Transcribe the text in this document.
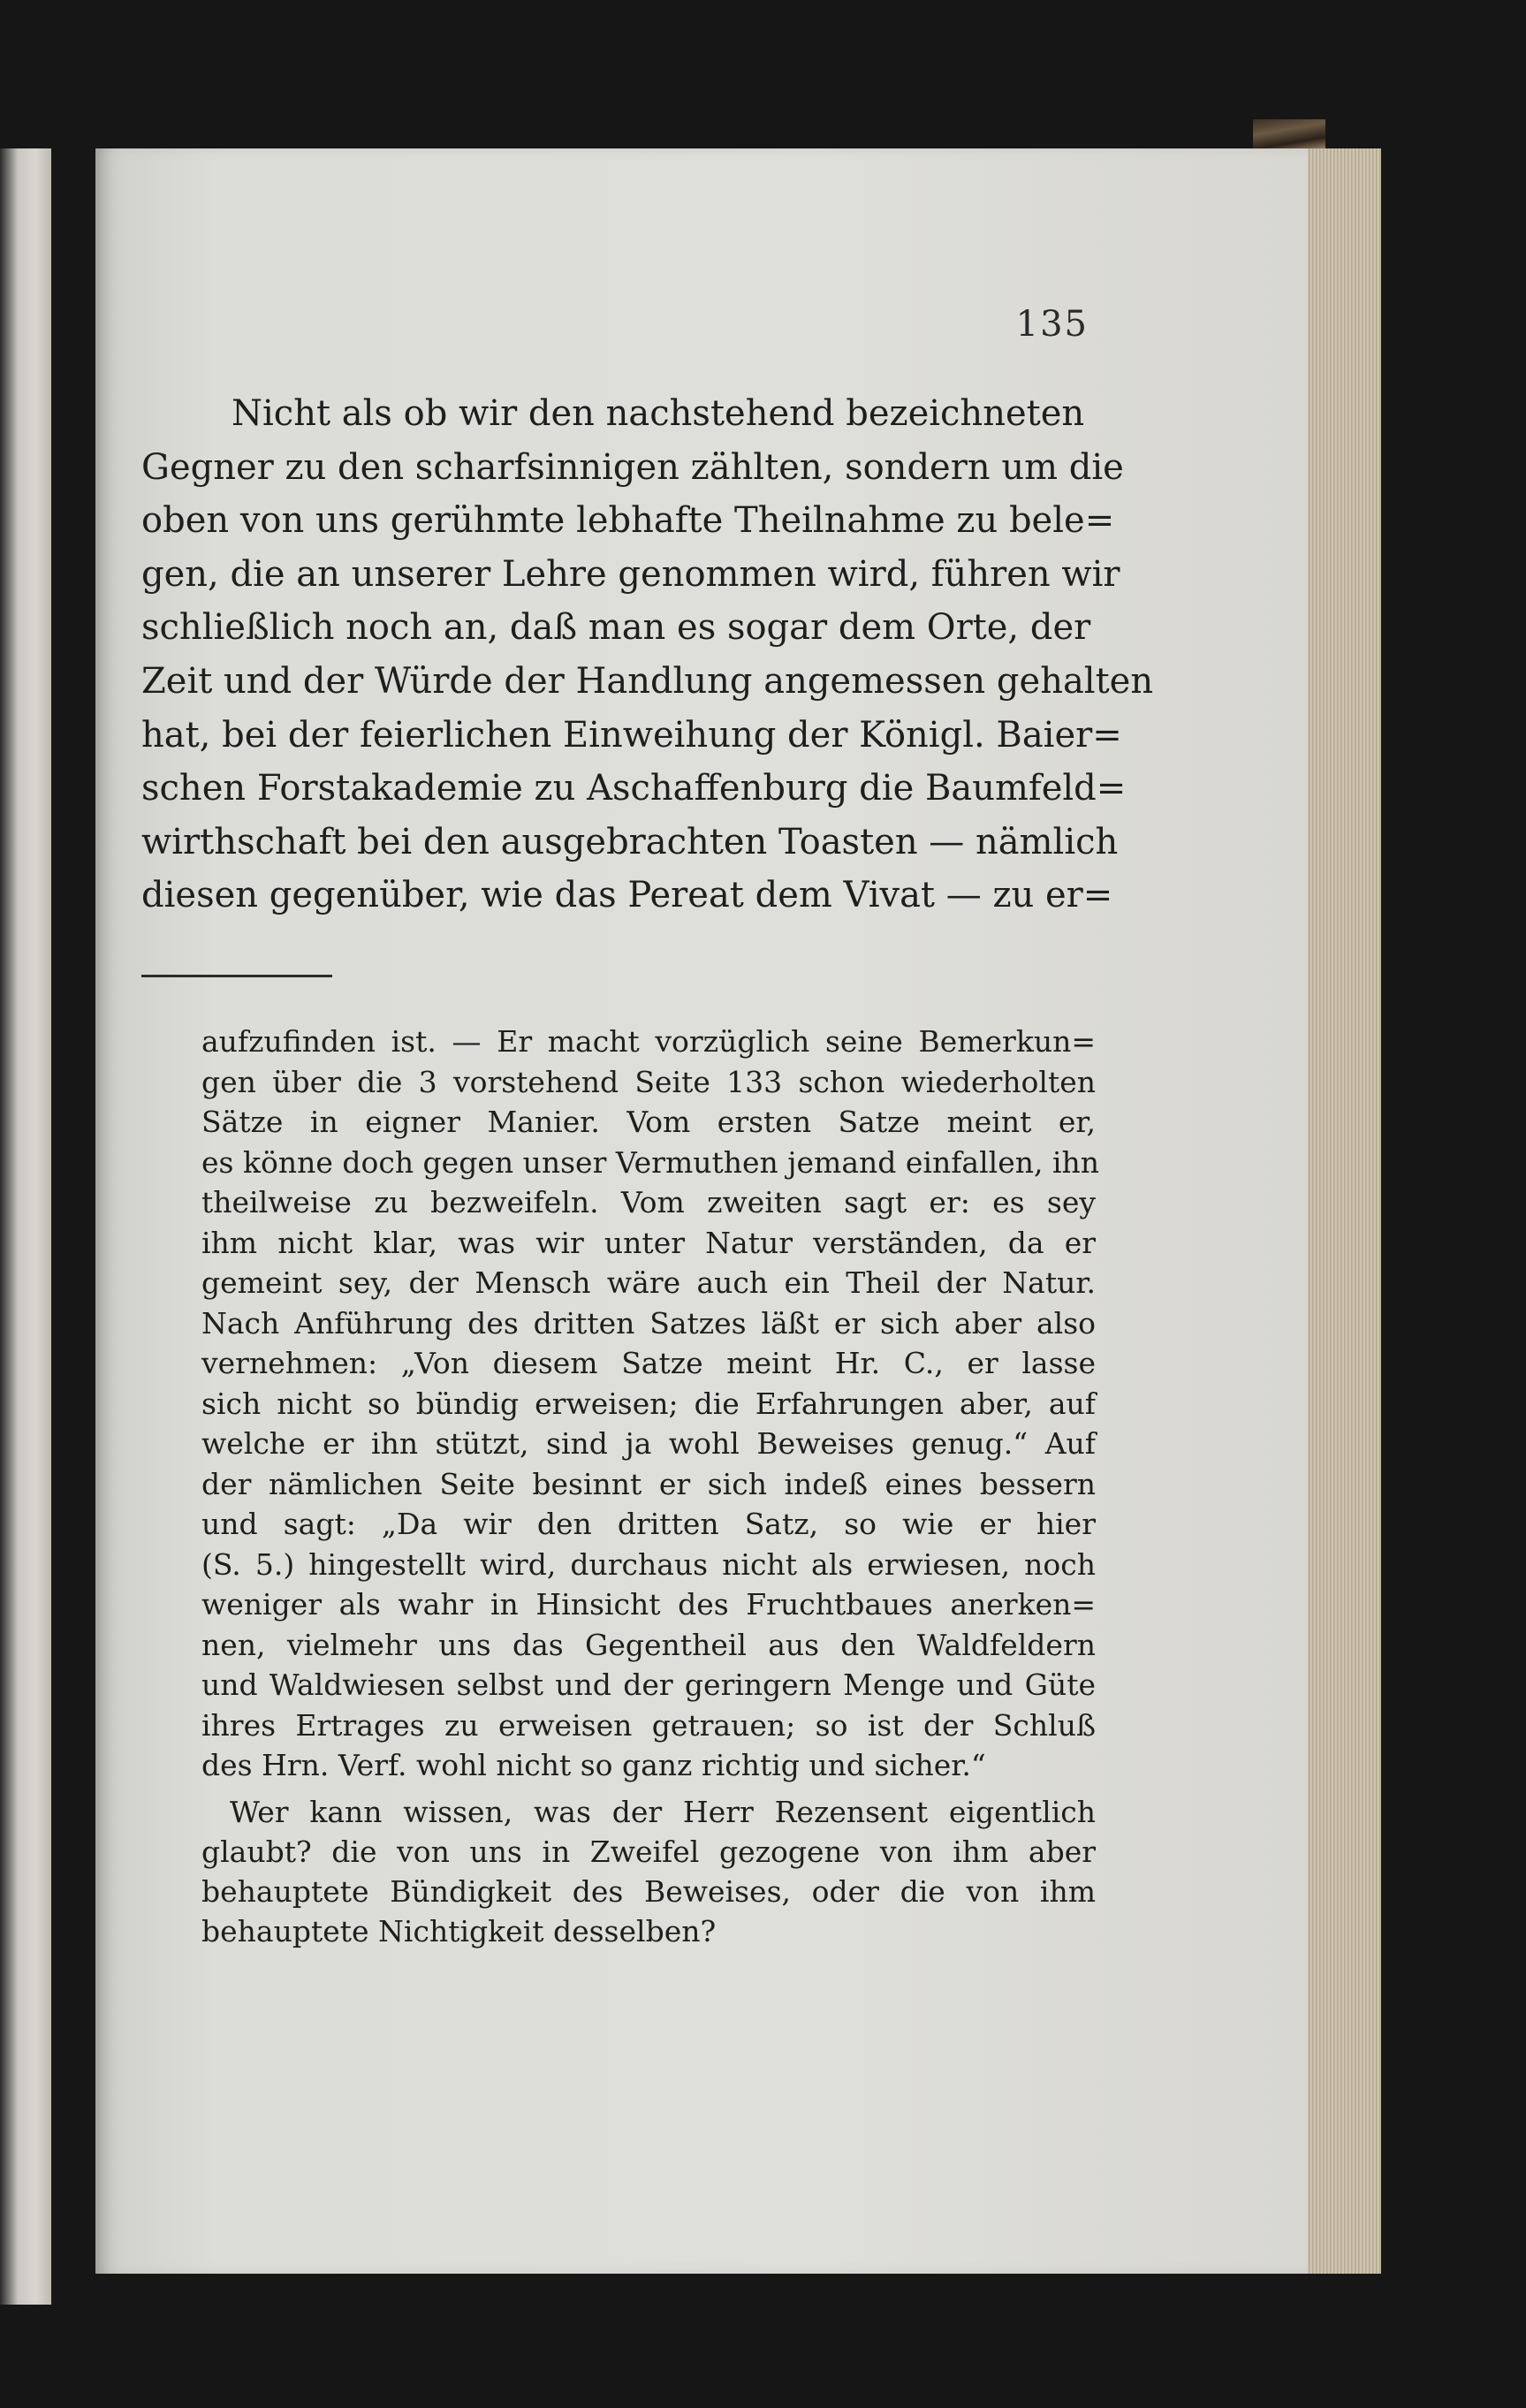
135

Nicht als ob wir den nachstehend bezeichneten
Gegner zu den scharfsinnigen zählten, sondern um die
oben von uns gerühmte lebhafte Theilnahme zu bele=
gen, die an unserer Lehre genommen wird, führen wir
schließlich noch an, daß man es sogar dem Orte, der
Zeit und der Würde der Handlung angemessen gehalten
hat, bei der feierlichen Einweihung der Königl. Baier=
schen Forstakademie zu Aschaffenburg die Baumfeld=
wirthschaft bei den ausgebrachten Toasten — nämlich
diesen gegenüber, wie das Pereat dem Vivat — zu er=

aufzufinden ist. — Er macht vorzüglich seine Bemerkun=
gen über die 3 vorstehend Seite 133 schon wiederholten
Sätze in eigner Manier. Vom ersten Satze meint er,
es könne doch gegen unser Vermuthen jemand einfallen, ihn
theilweise zu bezweifeln. Vom zweiten sagt er: es sey
ihm nicht klar, was wir unter Natur verständen, da er
gemeint sey, der Mensch wäre auch ein Theil der Natur.
Nach Anführung des dritten Satzes läßt er sich aber also
vernehmen: „Von diesem Satze meint Hr. C., er lasse
sich nicht so bündig erweisen; die Erfahrungen aber, auf
welche er ihn stützt, sind ja wohl Beweises genug.“ Auf
der nämlichen Seite besinnt er sich indeß eines bessern
und sagt: „Da wir den dritten Satz, so wie er hier
(S. 5.) hingestellt wird, durchaus nicht als erwiesen, noch
weniger als wahr in Hinsicht des Fruchtbaues anerken=
nen, vielmehr uns das Gegentheil aus den Waldfeldern
und Waldwiesen selbst und der geringern Menge und Güte
ihres Ertrages zu erweisen getrauen; so ist der Schluß
des Hrn. Verf. wohl nicht so ganz richtig und sicher.“

Wer kann wissen, was der Herr Rezensent eigentlich
glaubt? die von uns in Zweifel gezogene von ihm aber
behauptete Bündigkeit des Beweises, oder die von ihm
behauptete Nichtigkeit desselben?
